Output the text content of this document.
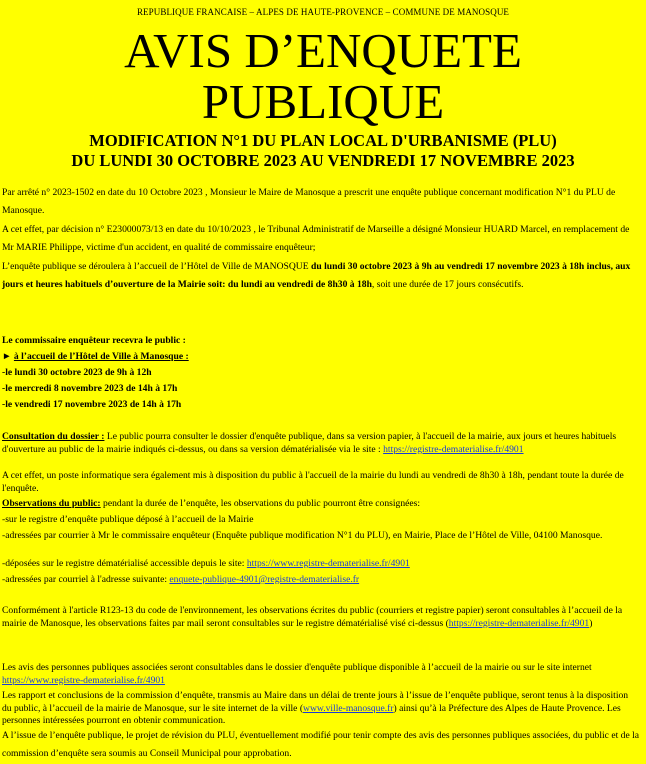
REPUBLIQUE FRANCAISE – ALPES DE HAUTE-PROVENCE – COMMUNE DE MANOSQUE
AVIS D’ENQUETE
PUBLIQUE
MODIFICATION N°1 DU PLAN LOCAL D'URBANISME (PLU)
DU LUNDI 30 OCTOBRE 2023 AU VENDREDI 17 NOVEMBRE 2023

Par arrêté n° 2023-1502 en date du 10 Octobre 2023 , Monsieur le Maire de Manosque a prescrit une enquête publique concernant modification N°1 du PLU de Manosque.

A cet effet, par décision n° E23000073/13 en date du 10/10/2023 , le Tribunal Administratif de Marseille a désigné Monsieur HUARD Marcel, en remplacement de Mr MARIE Philippe, victime d'un accident, en qualité de commissaire enquêteur;

L’enquête publique se déroulera à l’accueil de l’Hôtel de Ville de MANOSQUE du lundi 30 octobre 2023 à 9h au vendredi 17 novembre 2023 à 18h inclus, aux jours et heures habituels d’ouverture de la Mairie soit: du lundi au vendredi de 8h30 à 18h, soit une durée de 17 jours consécutifs.

Le commissaire enquêteur recevra le public :

► à l’accueil de l’Hôtel de Ville à Manosque :

-le lundi 30 octobre 2023 de 9h à 12h

-le mercredi 8 novembre 2023 de 14h à 17h

-le vendredi 17 novembre 2023 de 14h à 17h

Consultation du dossier : Le public pourra consulter le dossier d'enquête publique, dans sa version papier, à l'accueil de la mairie, aux jours et heures habituels d'ouverture au public de la mairie indiqués ci-dessus, ou dans sa version dématérialisée via le site : https://registre-dematerialise.fr/4901

A cet effet, un poste informatique sera également mis à disposition du public à l'accueil de la mairie du lundi au vendredi de 8h30 à 18h, pendant toute la durée de l'enquête.

Observations du public: pendant la durée de l’enquête, les observations du public pourront être consignées:

-sur le registre d’enquête publique déposé à l’accueil de la Mairie

-adressées par courrier à Mr le commissaire enquêteur (Enquête publique modification N°1 du PLU), en Mairie, Place de l’Hôtel de Ville, 04100 Manosque.

-déposées sur le registre dématérialisé accessible depuis le site: https://www.registre-dematerialise.fr/4901

-adressées par courriel à l'adresse suivante: enquete-publique-4901@registre-dematerialise.fr

Conformément à l'article R123-13 du code de l'environnement, les observations écrites du public (courriers et registre papier) seront consultables à l’accueil de la mairie de Manosque, les observations faites par mail seront consultables sur le registre dématérialisé visé ci-dessus (https://registre-dematerialise.fr/4901)

Les avis des personnes publiques associées seront consultables dans le dossier d'enquête publique disponible à l’accueil de la mairie ou sur le site internet https://www.registre-dematerialise.fr/4901

Les rapport et conclusions de la commission d’enquête, transmis au Maire dans un délai de trente jours à l’issue de l’enquête publique, seront tenus à la disposition du public, à l’accueil de la mairie de Manosque, sur le site internet de la ville (www.ville-manosque.fr) ainsi qu’à la Préfecture des Alpes de Haute Provence. Les personnes intéressées pourront en obtenir communication.

A l’issue de l’enquête publique, le projet de révision du PLU, éventuellement modifié pour tenir compte des avis des personnes publiques associées, du public et de la commission d’enquête sera soumis au Conseil Municipal pour approbation.
